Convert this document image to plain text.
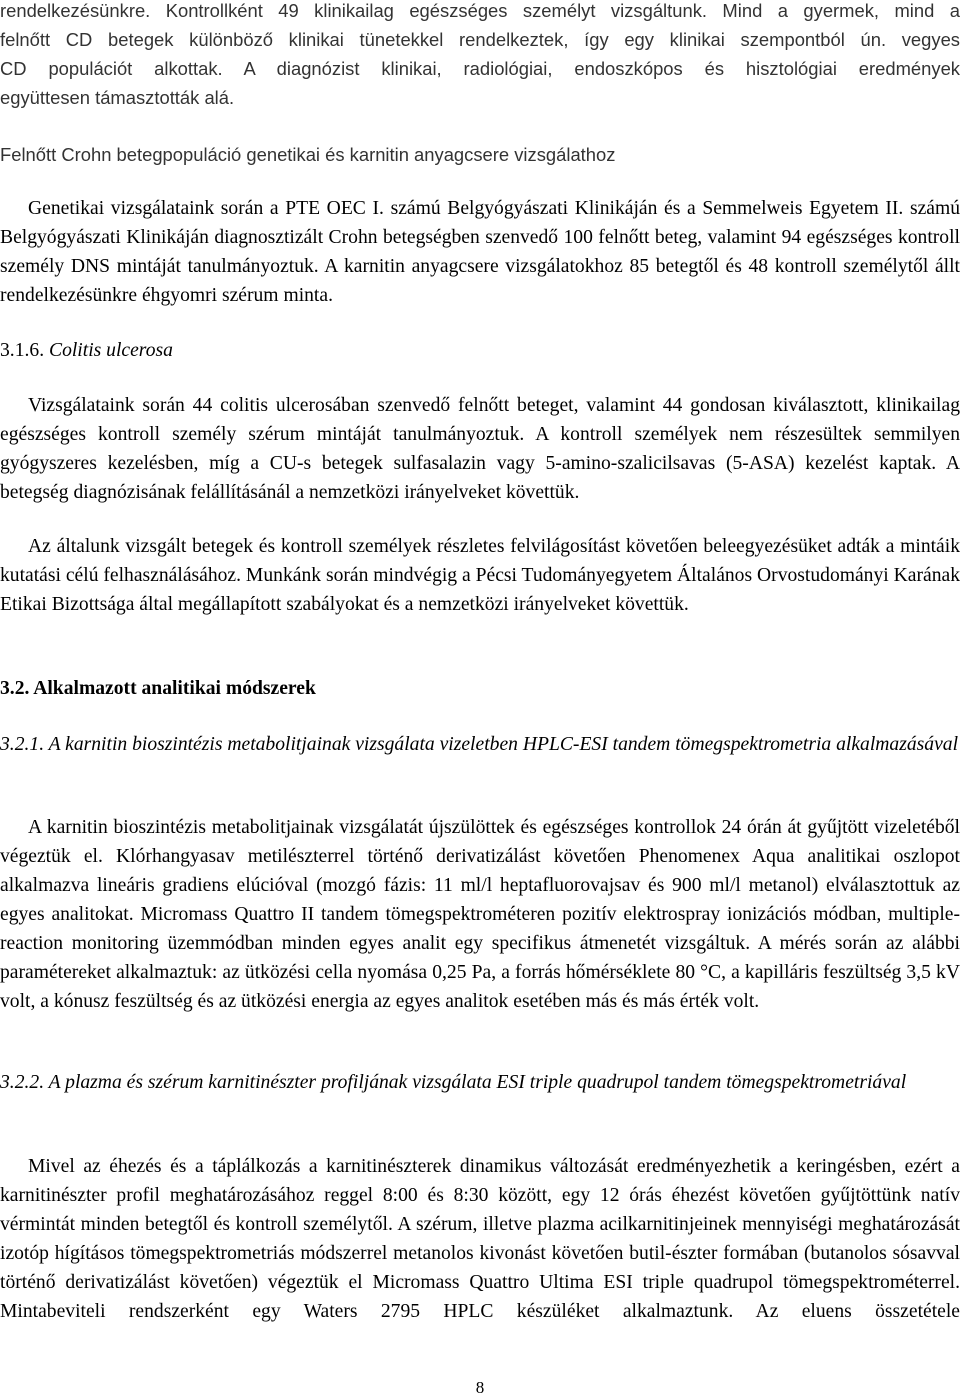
rendelkezésünkre. Kontrollként 49 klinikailag egészséges személyt vizsgáltunk. Mind a gyermek, mind a

felnőtt CD betegek különböző klinikai tünetekkel rendelkeztek, így egy klinikai szempontból ún. vegyes

CD populációt alkottak. A diagnózist klinikai, radiológiai, endoszkópos és hisztológiai eredmények

együttesen támasztották alá.

Felnőtt Crohn betegpopuláció genetikai és karnitin anyagcsere vizsgálathoz

Genetikai vizsgálataink során a PTE OEC I. számú Belgyógyászati Klinikáján és a Semmelweis Egyetem II. számú Belgyógyászati Klinikáján diagnosztizált Crohn betegségben szenvedő 100 felnőtt beteg, valamint 94 egészséges kontroll személy DNS mintáját tanulmányoztuk. A karnitin anyagcsere vizsgálatokhoz 85 betegtől és 48 kontroll személytől állt rendelkezésünkre éhgyomri szérum minta.

3.1.6. Colitis ulcerosa

Vizsgálataink során 44 colitis ulcerosában szenvedő felnőtt beteget, valamint 44 gondosan kiválasztott, klinikailag egészséges kontroll személy szérum mintáját tanulmányoztuk. A kontroll személyek nem részesültek semmilyen gyógyszeres kezelésben, míg a CU-s betegek sulfasalazin vagy 5-amino-szalicilsavas (5-ASA) kezelést kaptak. A betegség diagnózisának felállításánál a nemzetközi irányelveket követtük.

Az általunk vizsgált betegek és kontroll személyek részletes felvilágosítást követően beleegyezésüket adták a mintáik kutatási célú felhasználásához. Munkánk során mindvégig a Pécsi Tudományegyetem Általános Orvostudományi Karának Etikai Bizottsága által megállapított szabályokat és a nemzetközi irányelveket követtük.

3.2. Alkalmazott analitikai módszerek

3.2.1. A karnitin bioszintézis metabolitjainak vizsgálata vizeletben HPLC-ESI tandem tömegspektrometria alkalmazásával

A karnitin bioszintézis metabolitjainak vizsgálatát újszülöttek és egészséges kontrollok 24 órán át gyűjtött vizeletéből végeztük el. Klórhangyasav metilészterrel történő derivatizálást követően Phenomenex Aqua analitikai oszlopot alkalmazva lineáris gradiens elúcióval (mozgó fázis: 11 ml/l heptafluorovajsav és 900 ml/l metanol) elválasztottuk az egyes analitokat. Micromass Quattro II tandem tömegspektrométeren pozitív elektrospray ionizációs módban, multiple-reaction monitoring üzemmódban minden egyes analit egy specifikus átmenetét vizsgáltuk. A mérés során az alábbi paramétereket alkalmaztuk: az ütközési cella nyomása 0,25 Pa, a forrás hőmérséklete 80 °C, a kapilláris feszültség 3,5 kV volt, a kónusz feszültség és az ütközési energia az egyes analitok esetében más és más érték volt.

3.2.2. A plazma és szérum karnitinészter profiljának vizsgálata ESI triple quadrupol tandem tömegspektrometriával

Mivel az éhezés és a táplálkozás a karnitinészterek dinamikus változását eredményezhetik a keringésben, ezért a karnitinészter profil meghatározásához reggel 8:00 és 8:30 között, egy 12 órás éhezést követően gyűjtöttünk natív vérmintát minden betegtől és kontroll személytől. A szérum, illetve plazma acilkarnitinjeinek mennyiségi meghatározását izotóp hígításos tömegspektrometriás módszerrel metanolos kivonást követően butil-észter formában (butanolos sósavval történő derivatizálást követően) végeztük el Micromass Quattro Ultima ESI triple quadrupol tömegspektrométerrel. Mintabeviteli rendszerként egy Waters 2795 HPLC készüléket alkalmaztunk. Az eluens összetétele

8
